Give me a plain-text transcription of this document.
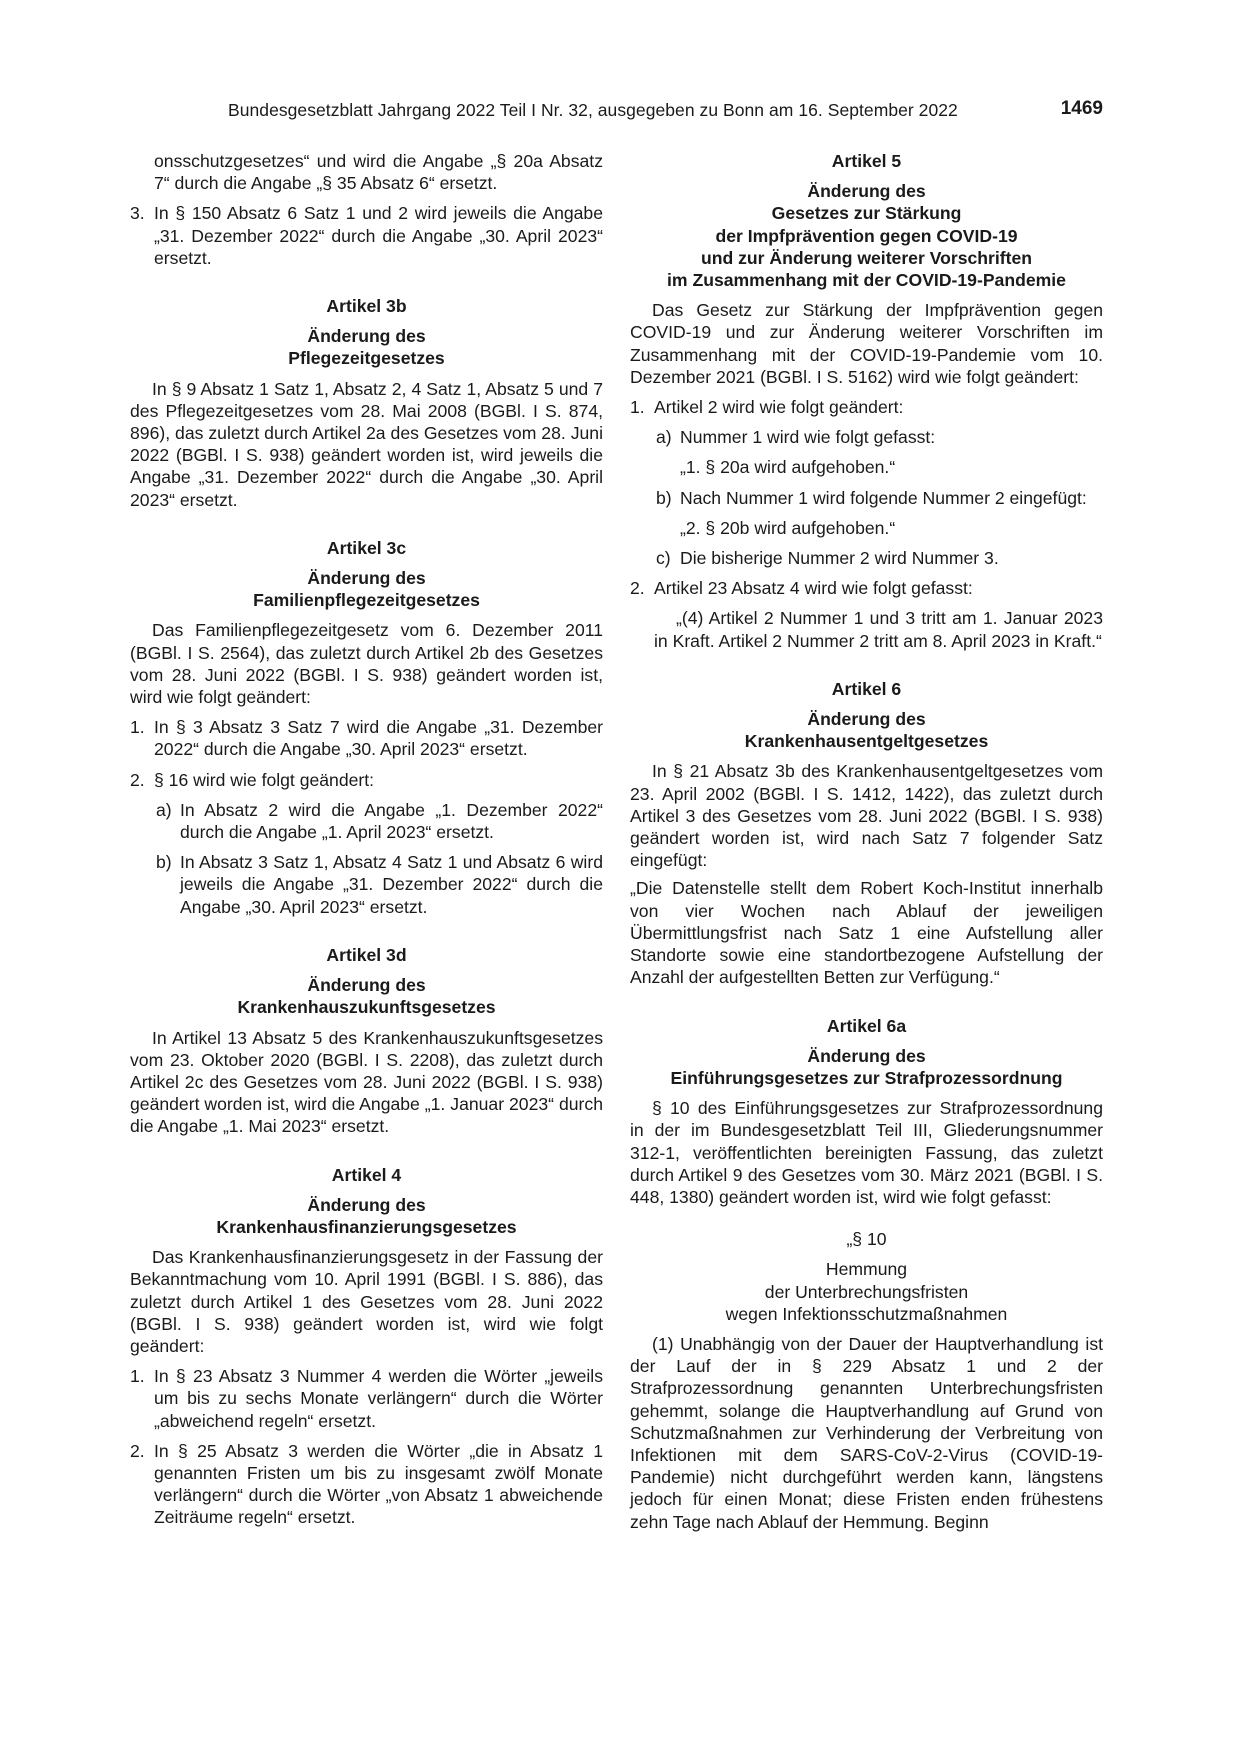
Bundesgesetzblatt Jahrgang 2022 Teil I Nr. 32, ausgegeben zu Bonn am 16. September 2022	1469

onsschutzgesetzes“ und wird die Angabe „§ 20a Absatz 7“ durch die Angabe „§ 35 Absatz 6“ ersetzt.

3. In § 150 Absatz 6 Satz 1 und 2 wird jeweils die Angabe „31. Dezember 2022“ durch die Angabe „30. April 2023“ ersetzt.

Artikel 3b

Änderung des
Pflegezeitgesetzes

In § 9 Absatz 1 Satz 1, Absatz 2, 4 Satz 1, Absatz 5 und 7 des Pflegezeitgesetzes vom 28. Mai 2008 (BGBl. I S. 874, 896), das zuletzt durch Artikel 2a des Gesetzes vom 28. Juni 2022 (BGBl. I S. 938) geändert worden ist, wird jeweils die Angabe „31. Dezember 2022“ durch die Angabe „30. April 2023“ ersetzt.

Artikel 3c

Änderung des
Familienpflegezeitgesetzes

Das Familienpflegezeitgesetz vom 6. Dezember 2011 (BGBl. I S. 2564), das zuletzt durch Artikel 2b des Gesetzes vom 28. Juni 2022 (BGBl. I S. 938) geändert worden ist, wird wie folgt geändert:

1. In § 3 Absatz 3 Satz 7 wird die Angabe „31. Dezember 2022“ durch die Angabe „30. April 2023“ ersetzt.

2. § 16 wird wie folgt geändert:

a) In Absatz 2 wird die Angabe „1. Dezember 2022“ durch die Angabe „1. April 2023“ ersetzt.

b) In Absatz 3 Satz 1, Absatz 4 Satz 1 und Absatz 6 wird jeweils die Angabe „31. Dezember 2022“ durch die Angabe „30. April 2023“ ersetzt.

Artikel 3d

Änderung des
Krankenhauszukunftsgesetzes

In Artikel 13 Absatz 5 des Krankenhauszukunftsgesetzes vom 23. Oktober 2020 (BGBl. I S. 2208), das zuletzt durch Artikel 2c des Gesetzes vom 28. Juni 2022 (BGBl. I S. 938) geändert worden ist, wird die Angabe „1. Januar 2023“ durch die Angabe „1. Mai 2023“ ersetzt.

Artikel 4

Änderung des
Krankenhausfinanzierungsgesetzes

Das Krankenhausfinanzierungsgesetz in der Fassung der Bekanntmachung vom 10. April 1991 (BGBl. I S. 886), das zuletzt durch Artikel 1 des Gesetzes vom 28. Juni 2022 (BGBl. I S. 938) geändert worden ist, wird wie folgt geändert:

1. In § 23 Absatz 3 Nummer 4 werden die Wörter „jeweils um bis zu sechs Monate verlängern“ durch die Wörter „abweichend regeln“ ersetzt.

2. In § 25 Absatz 3 werden die Wörter „die in Absatz 1 genannten Fristen um bis zu insgesamt zwölf Monate verlängern“ durch die Wörter „von Absatz 1 abweichende Zeiträume regeln“ ersetzt.

Artikel 5

Änderung des
Gesetzes zur Stärkung
der Impfprävention gegen COVID-19
und zur Änderung weiterer Vorschriften
im Zusammenhang mit der COVID-19-Pandemie

Das Gesetz zur Stärkung der Impfprävention gegen COVID-19 und zur Änderung weiterer Vorschriften im Zusammenhang mit der COVID-19-Pandemie vom 10. Dezember 2021 (BGBl. I S. 5162) wird wie folgt geändert:

1. Artikel 2 wird wie folgt geändert:

a) Nummer 1 wird wie folgt gefasst:

„1. § 20a wird aufgehoben.“

b) Nach Nummer 1 wird folgende Nummer 2 eingefügt:

„2. § 20b wird aufgehoben.“

c) Die bisherige Nummer 2 wird Nummer 3.

2. Artikel 23 Absatz 4 wird wie folgt gefasst:

„(4) Artikel 2 Nummer 1 und 3 tritt am 1. Januar 2023 in Kraft. Artikel 2 Nummer 2 tritt am 8. April 2023 in Kraft.“

Artikel 6

Änderung des
Krankenhausentgeltgesetzes

In § 21 Absatz 3b des Krankenhausentgeltgesetzes vom 23. April 2002 (BGBl. I S. 1412, 1422), das zuletzt durch Artikel 3 des Gesetzes vom 28. Juni 2022 (BGBl. I S. 938) geändert worden ist, wird nach Satz 7 folgender Satz eingefügt:

„Die Datenstelle stellt dem Robert Koch-Institut innerhalb von vier Wochen nach Ablauf der jeweiligen Übermittlungsfrist nach Satz 1 eine Aufstellung aller Standorte sowie eine standortbezogene Aufstellung der Anzahl der aufgestellten Betten zur Verfügung.“

Artikel 6a

Änderung des
Einführungsgesetzes zur Strafprozessordnung

§ 10 des Einführungsgesetzes zur Strafprozessordnung in der im Bundesgesetzblatt Teil III, Gliederungsnummer 312-1, veröffentlichten bereinigten Fassung, das zuletzt durch Artikel 9 des Gesetzes vom 30. März 2021 (BGBl. I S. 448, 1380) geändert worden ist, wird wie folgt gefasst:

„§ 10

Hemmung

der Unterbrechungsfristen

wegen Infektionsschutzmaßnahmen

(1) Unabhängig von der Dauer der Hauptverhandlung ist der Lauf der in § 229 Absatz 1 und 2 der Strafprozessordnung genannten Unterbrechungsfristen gehemmt, solange die Hauptverhandlung auf Grund von Schutzmaßnahmen zur Verhinderung der Verbreitung von Infektionen mit dem SARS-CoV-2-Virus (COVID-19-Pandemie) nicht durchgeführt werden kann, längstens jedoch für einen Monat; diese Fristen enden frühestens zehn Tage nach Ablauf der Hemmung. Beginn
